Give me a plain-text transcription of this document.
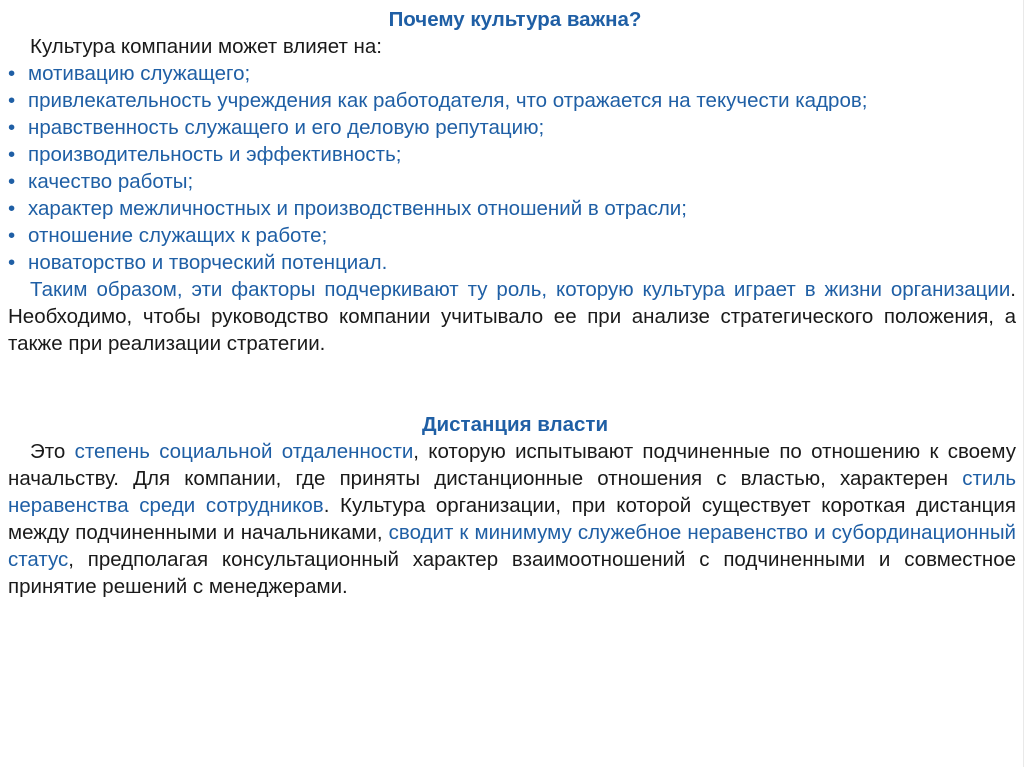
Почему культура важна?

Культура компании может влияет на:

• мотивацию служащего;
• привлекательность учреждения как работодателя, что отражается на текучести кадров;
• нравственность служащего и его деловую репутацию;
• производительность и эффективность;
• качество работы;
• характер межличностных и производственных отношений в отрасли;
• отношение служащих к работе;
• новаторство и творческий потенциал.

Таким образом, эти факторы подчеркивают ту роль, которую культура играет в жизни организации. Необходимо, чтобы руководство компании учитывало ее при анализе стратегического положения, а также при реализации стратегии.

Дистанция власти

Это степень социальной отдаленности, которую испытывают подчиненные по отношению к своему начальству. Для компании, где приняты дистанционные отношения с властью, характерен стиль неравенства среди сотрудников. Культура организации, при которой существует короткая дистанция между подчиненными и начальниками, сводит к минимуму служебное неравенство и субординационный статус, предполагая консультационный характер взаимоотношений с подчиненными и совместное принятие решений с менеджерами.
